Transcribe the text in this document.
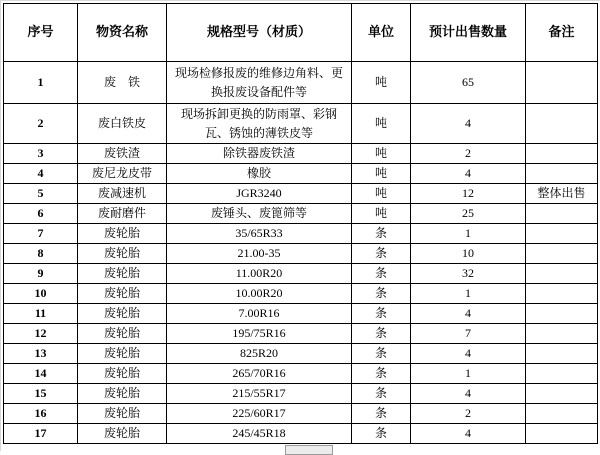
序号	物资名称	规格型号（材质）	单位	预计出售数量	备注
1	废　铁	现场检修报废的维修边角料、更换报废设备配件等	吨	65	
2	废白铁皮	现场拆卸更换的防雨罩、彩钢瓦、锈蚀的薄铁皮等	吨	4	
3	废铁渣	除铁器废铁渣	吨	2	
4	废尼龙皮带	橡胶	吨	4	
5	废减速机	JGR3240	吨	12	整体出售
6	废耐磨件	废锤头、废篦筛等	吨	25	
7	废轮胎	35/65R33	条	1	
8	废轮胎	21.00-35	条	10	
9	废轮胎	11.00R20	条	32	
10	废轮胎	10.00R20	条	1	
11	废轮胎	7.00R16	条	4	
12	废轮胎	195/75R16	条	7	
13	废轮胎	825R20	条	4	
14	废轮胎	265/70R16	条	1	
15	废轮胎	215/55R17	条	4	
16	废轮胎	225/60R17	条	2	
17	废轮胎	245/45R18	条	4	
